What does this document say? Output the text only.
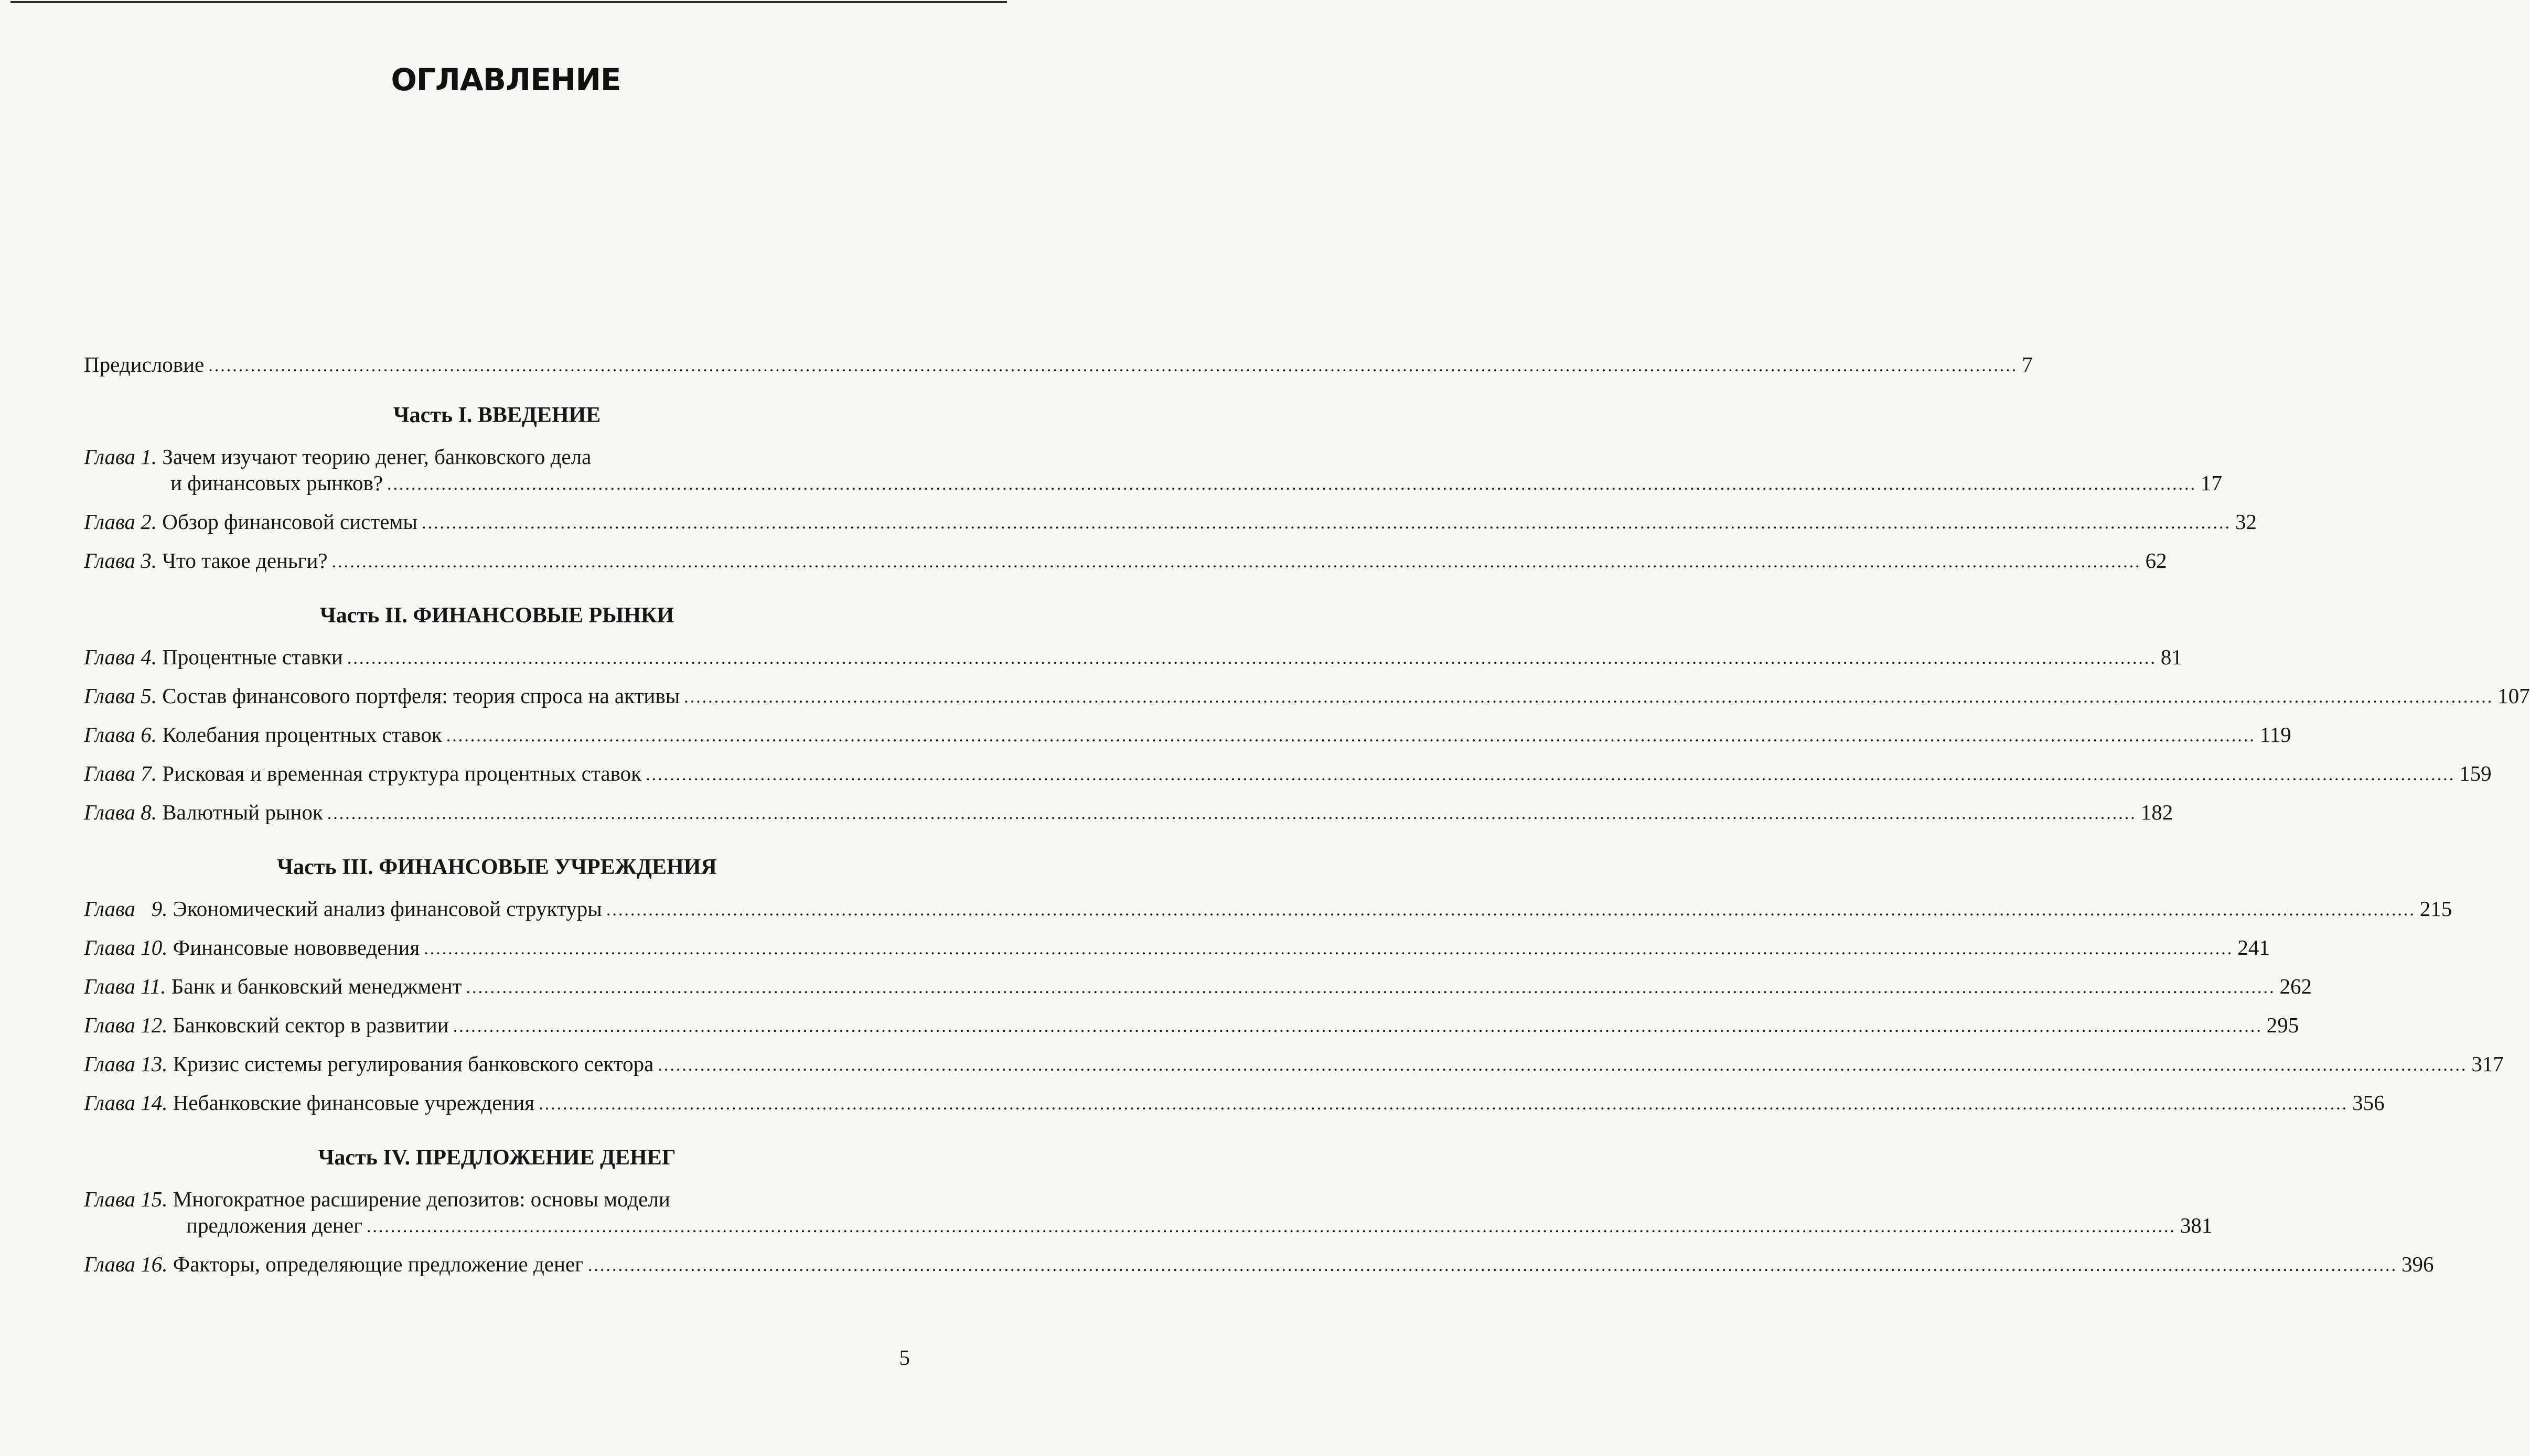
ОГЛАВЛЕНИЕ
Предисловие ............................................................................................................................................................................................................................................................................................................ 7
Часть I. ВВЕДЕНИЕ
Глава 1. Зачем изучают теорию денег, банковского дела
и финансовых рынков? ............................................................................................................................................................................................................................................................................................................ 17
Глава 2. Обзор финансовой системы ............................................................................................................................................................................................................................................................................................................ 32
Глава 3. Что такое деньги? ............................................................................................................................................................................................................................................................................................................ 62
Часть II. ФИНАНСОВЫЕ РЫНКИ
Глава 4. Процентные ставки ............................................................................................................................................................................................................................................................................................................ 81
Глава 5. Состав финансового портфеля: теория спроса на активы ............................................................................................................................................................................................................................................................................................................ 107
Глава 6. Колебания процентных ставок ............................................................................................................................................................................................................................................................................................................ 119
Глава 7. Рисковая и временная структура процентных ставок ............................................................................................................................................................................................................................................................................................................ 159
Глава 8. Валютный рынок ............................................................................................................................................................................................................................................................................................................ 182
Часть III. ФИНАНСОВЫЕ УЧРЕЖДЕНИЯ
Глава 9. Экономический анализ финансовой структуры ............................................................................................................................................................................................................................................................................................................ 215
Глава 10. Финансовые нововведения ............................................................................................................................................................................................................................................................................................................ 241
Глава 11. Банк и банковский менеджмент ............................................................................................................................................................................................................................................................................................................ 262
Глава 12. Банковский сектор в развитии ............................................................................................................................................................................................................................................................................................................ 295
Глава 13. Кризис системы регулирования банковского сектора ............................................................................................................................................................................................................................................................................................................ 317
Глава 14. Небанковские финансовые учреждения ............................................................................................................................................................................................................................................................................................................ 356
Часть IV. ПРЕДЛОЖЕНИЕ ДЕНЕГ
Глава 15. Многократное расширение депозитов: основы модели
предложения денег ............................................................................................................................................................................................................................................................................................................ 381
Глава 16. Факторы, определяющие предложение денег ............................................................................................................................................................................................................................................................................................................ 396
5
